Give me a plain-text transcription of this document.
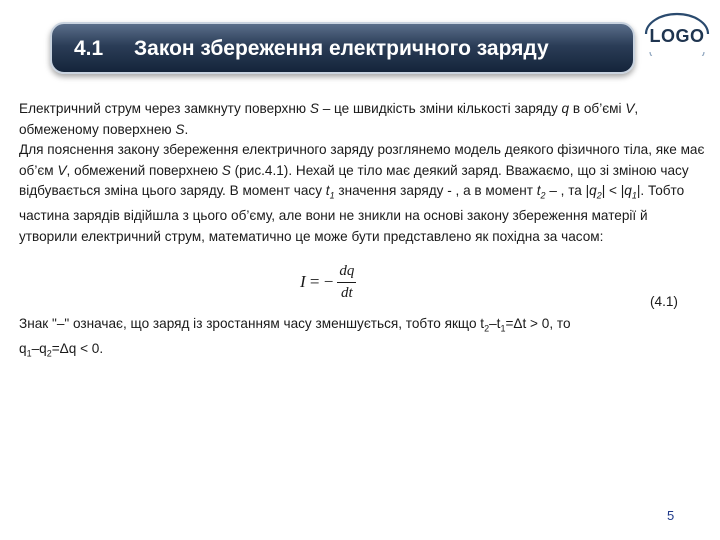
4.1 Закон збереження електричного заряду
LOGO

Електричний струм через замкнуту поверхню S – це швидкість зміни кількості заряду q в об’ємі V, обмеженому поверхнею S.

Для пояснення закону збереження електричного заряду розглянемо модель деякого фізичного тіла, яке має об’єм V, обмежений поверхнею S (рис.4.1). Нехай це тіло має деякий заряд. Вважаємо, що зі зміною часу відбувається зміна цього заряду. В момент часу $t_1$ значення заряду - , а в момент $t_2$ – , та $|q_2| < |q_1|$. Тобто частина зарядів відійшла з цього об’єму, але вони не зникли на основі закону збереження матерії й утворили електричний струм, математично це може бути представлено як похідна за часом:

I = − $\frac{dq}{dt}$	(4.1)

Знак "–" означає, що заряд із зростанням часу зменшується, тобто якщо $t_2-t_1=\Delta t > 0$, то
$q_1-q_2=\Delta q < 0$.

5
